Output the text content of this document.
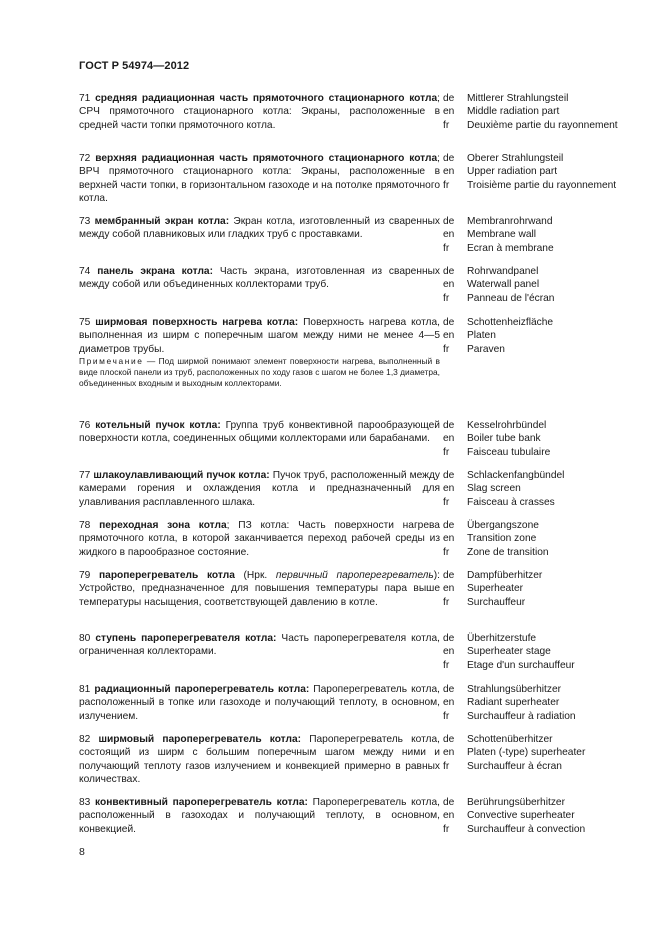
ГОСТ Р 54974—2012
71 средняя радиационная часть прямоточного стационарного котла; СРЧ прямоточного стационарного котла: Экраны, расположенные в средней части топки прямоточного котла.
de
en
fr
Mittlerer Strahlungsteil
Middle radiation part
Deuxième partie du rayonnement
72 верхняя радиационная часть прямоточного стационарного котла; ВРЧ прямоточного стационарного котла: Экраны, расположенные в верхней части топки, в горизонтальном газоходе и на потолке прямоточного котла.
de
en
fr
Oberer Strahlungsteil
Upper radiation part
Troisième partie du rayonnement
73 мембранный экран котла: Экран котла, изготовленный из сваренных между собой плавниковых или гладких труб с проставками.
de
en
fr
Membranrohrwand
Membrane wall
Ecran à membrane
74 панель экрана котла: Часть экрана, изготовленная из сваренных между собой или объединенных коллекторами труб.
de
en
fr
Rohrwandpanel
Waterwall panel
Panneau de l'écran
75 ширмовая поверхность нагрева котла: Поверхность нагрева котла, выполненная из ширм с поперечным шагом между ними не менее 4—5 диаметров трубы.
Примечание — Под ширмой понимают элемент поверхности нагрева, выполненный в виде плоской панели из труб, расположенных по ходу газов с шагом не более 1,3 диаметра, объединенных входным и выходным коллекторами.
de
en
fr
Schottenheizfläche
Platen
Paraven
76 котельный пучок котла: Группа труб конвективной парообразующей поверхности котла, соединенных общими коллекторами или барабанами.
de
en
fr
Kesselrohrbündel
Boiler tube bank
Faisceau tubulaire
77 шлакоулавливающий пучок котла: Пучок труб, расположенный между камерами горения и охлаждения котла и предназначенный для улавливания расплавленного шлака.
de
en
fr
Schlackenfangbündel
Slag screen
Faisceau à crasses
78 переходная зона котла; ПЗ котла: Часть поверхности нагрева прямоточного котла, в которой заканчивается переход рабочей среды из жидкого в парообразное состояние.
de
en
fr
Übergangszone
Transition zone
Zone de transition
79 пароперегреватель котла (Нрк. первичный пароперегреватель): Устройство, предназначенное для повышения температуры пара выше температуры насыщения, соответствующей давлению в котле.
de
en
fr
Dampfüberhitzer
Superheater
Surchauffeur
80 ступень пароперегревателя котла: Часть пароперегревателя котла, ограниченная коллекторами.
de
en
fr
Überhitzerstufe
Superheater stage
Etage d'un surchauffeur
81 радиационный пароперегреватель котла: Пароперегреватель котла, расположенный в топке или газоходе и получающий теплоту, в основном, излучением.
de
en
fr
Strahlungsüberhitzer
Radiant superheater
Surchauffeur à radiation
82 ширмовый пароперегреватель котла: Пароперегреватель котла, состоящий из ширм с большим поперечным шагом между ними и получающий теплоту газов излучением и конвекцией примерно в равных количествах.
de
en
fr
Schottenüberhitzer
Platen (-type) superheater
Surchauffeur à écran
83 конвективный пароперегреватель котла: Пароперегреватель котла, расположенный в газоходах и получающий теплоту, в основном, конвекцией.
de
en
fr
Berührungsüberhitzer
Convective superheater
Surchauffeur à convection
8
